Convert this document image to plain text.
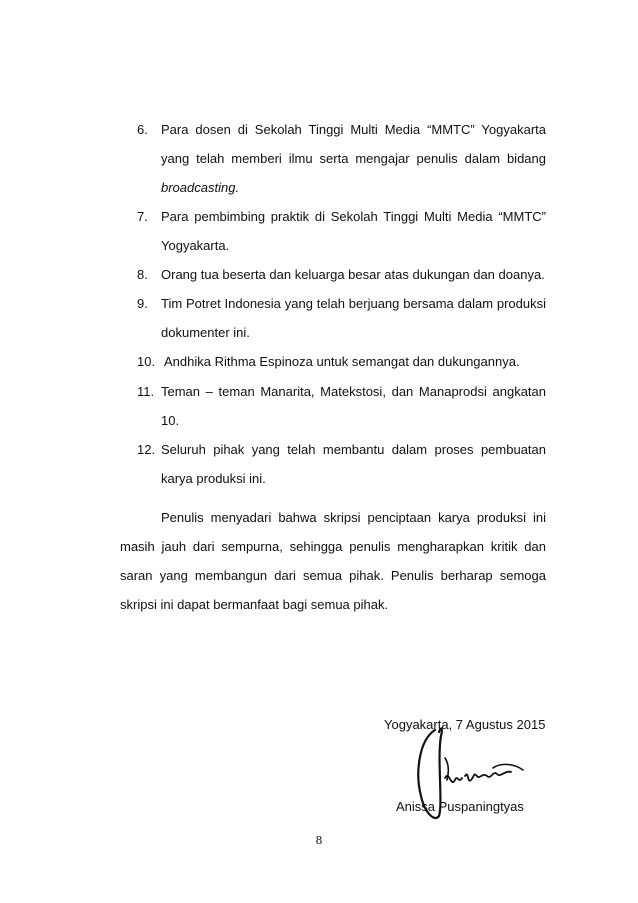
6. Para dosen di Sekolah Tinggi Multi Media “MMTC” Yogyakarta
yang telah memberi ilmu serta mengajar penulis dalam bidang
broadcasting.
7. Para pembimbing praktik di Sekolah Tinggi Multi Media “MMTC”
Yogyakarta.
8. Orang tua beserta dan keluarga besar atas dukungan dan doanya.
9. Tim Potret Indonesia yang telah berjuang bersama dalam produksi
dokumenter ini.
10. Andhika Rithma Espinoza untuk semangat dan dukungannya.
11. Teman – teman Manarita, Matekstosi, dan Manaprodsi angkatan
10.
12. Seluruh pihak yang telah membantu dalam proses pembuatan
karya produksi ini.
Penulis menyadari bahwa skripsi penciptaan karya produksi ini
masih jauh dari sempurna, sehingga penulis mengharapkan kritik dan
saran yang membangun dari semua pihak. Penulis berharap semoga
skripsi ini dapat bermanfaat bagi semua pihak.
Yogyakarta, 7 Agustus 2015
Anissa Puspaningtyas
8
